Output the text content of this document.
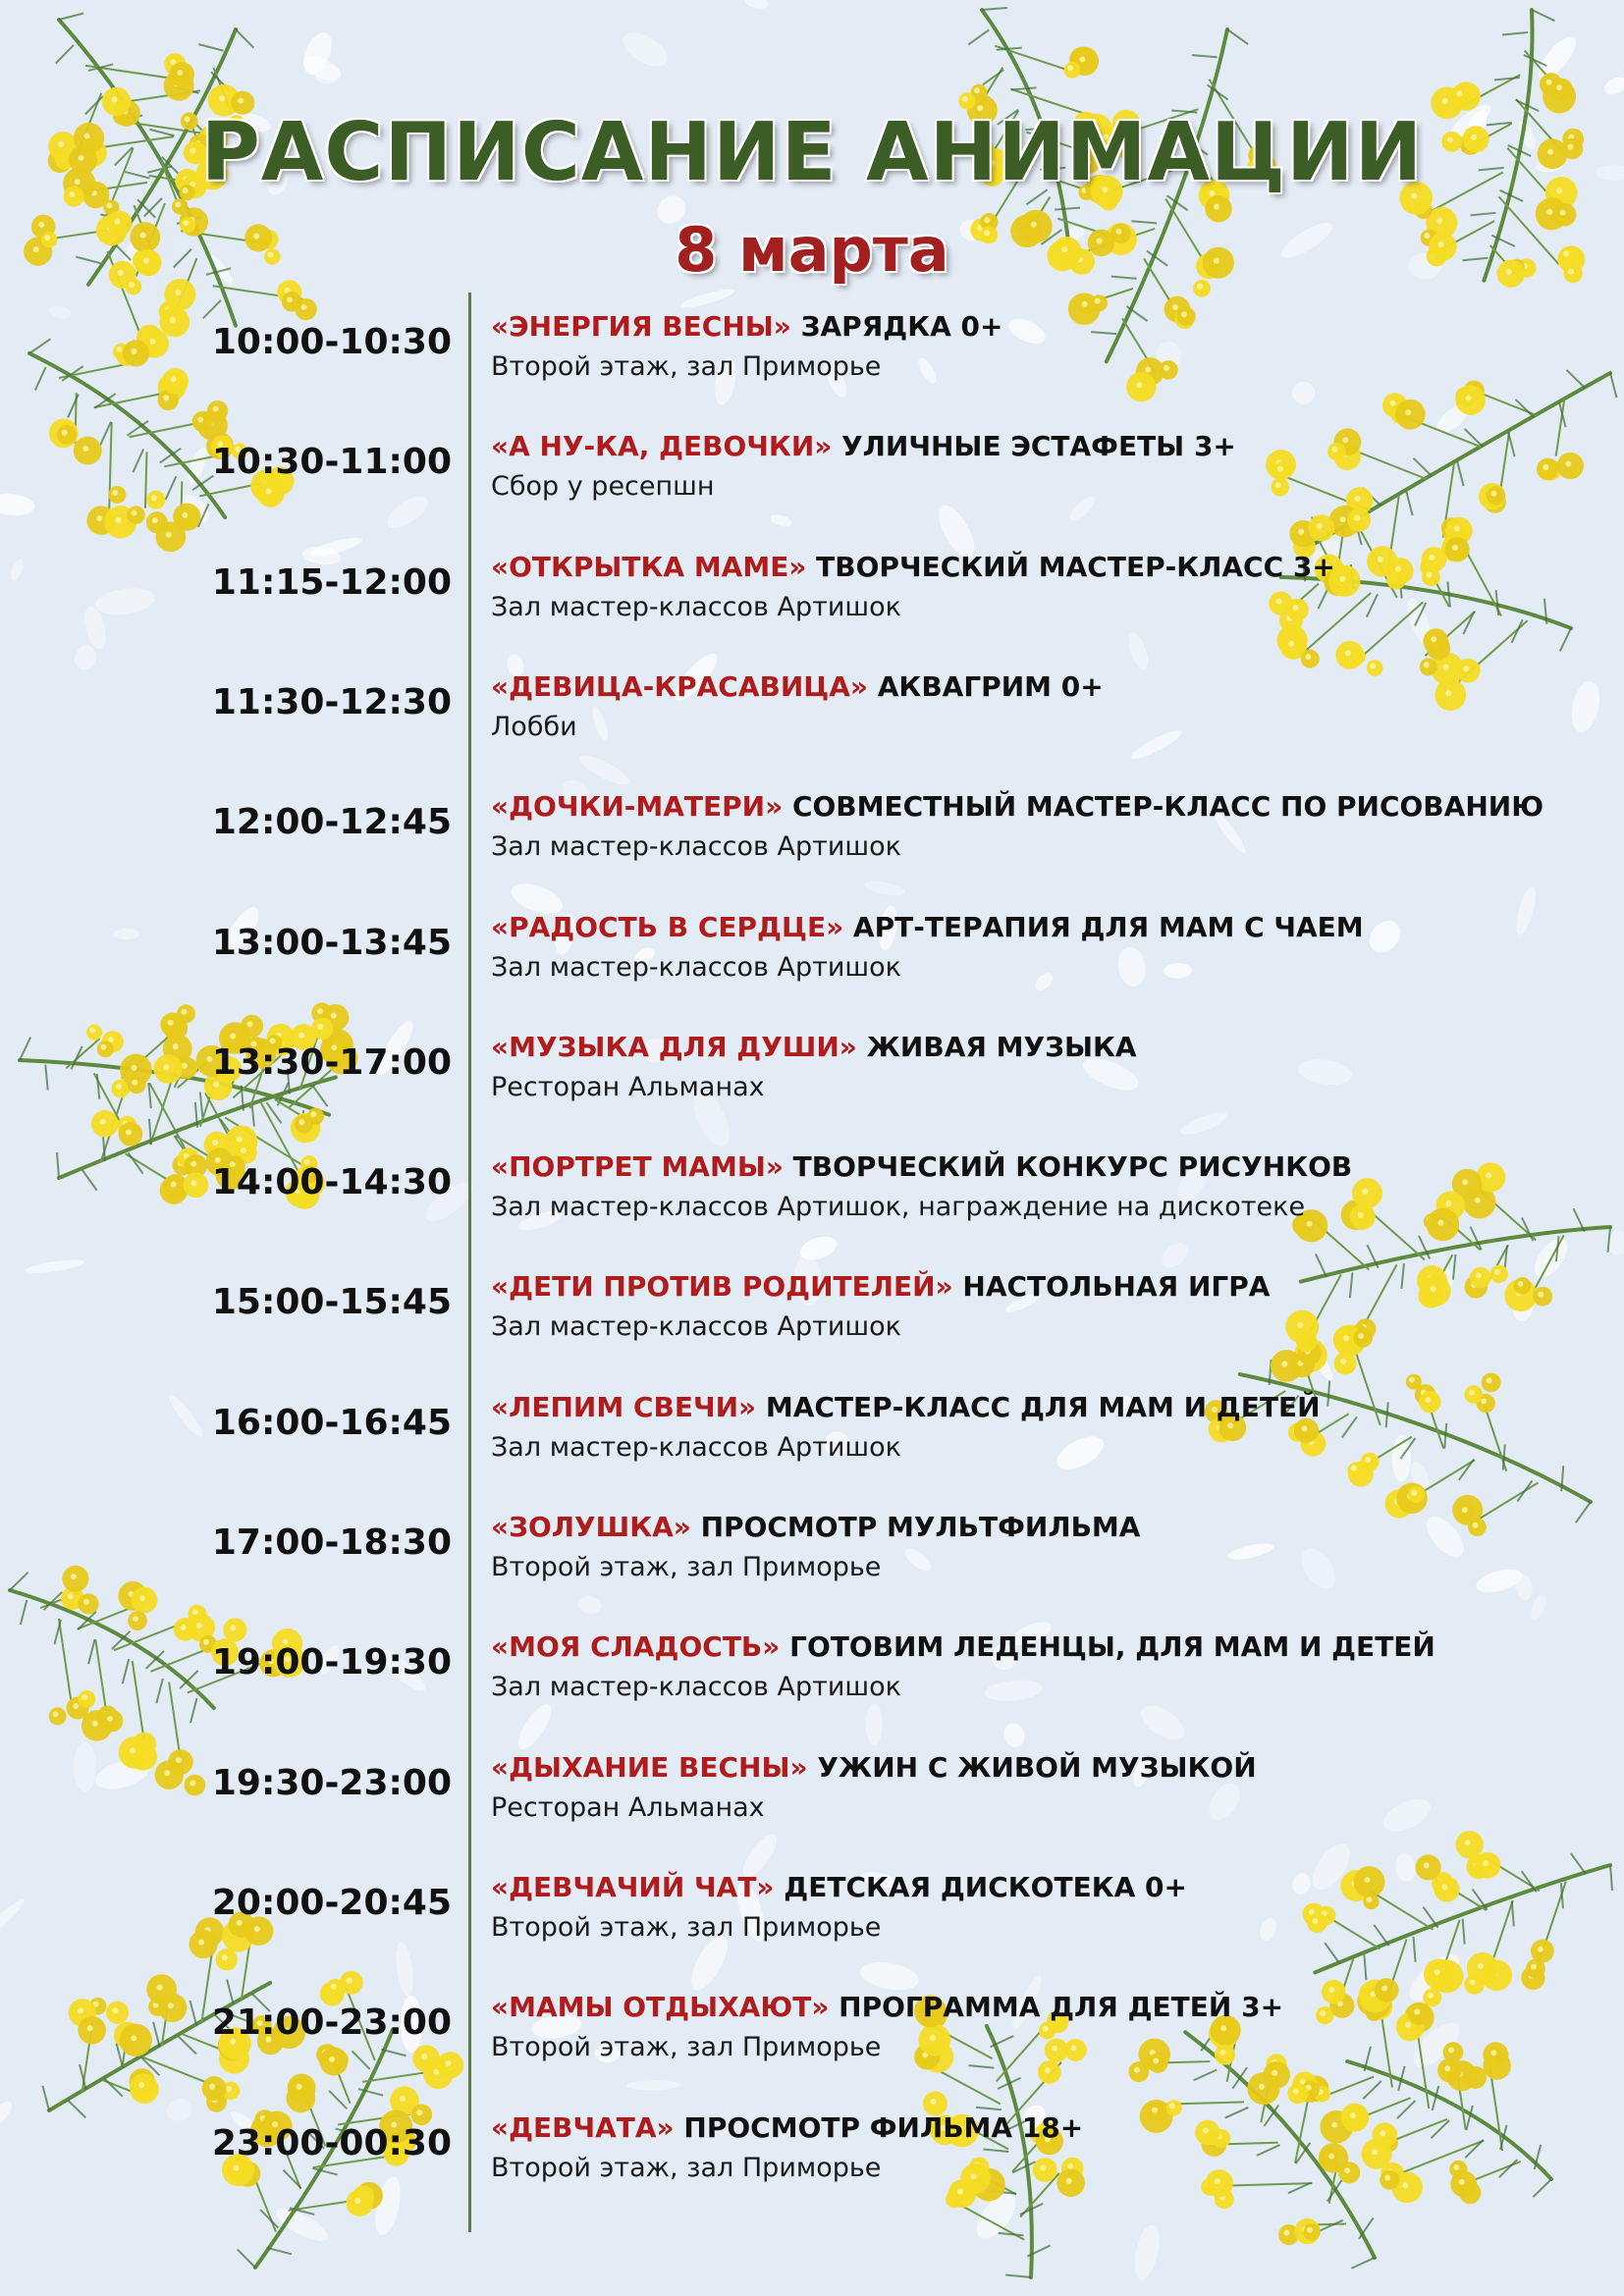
РАСПИСАНИЕ АНИМАЦИИ
8 марта
10:00-10:30 «ЭНЕРГИЯ ВЕСНЫ» ЗАРЯДКА 0+
Второй этаж, зал Приморье
10:30-11:00 «А НУ-КА, ДЕВОЧКИ» УЛИЧНЫЕ ЭСТАФЕТЫ 3+
Сбор у ресепшн
11:15-12:00 «ОТКРЫТКА МАМЕ» ТВОРЧЕСКИЙ МАСТЕР-КЛАСС 3+
Зал мастер-классов Артишок
11:30-12:30 «ДЕВИЦА-КРАСАВИЦА» АКВАГРИМ 0+
Лобби
12:00-12:45 «ДОЧКИ-МАТЕРИ» СОВМЕСТНЫЙ МАСТЕР-КЛАСС ПО РИСОВАНИЮ
Зал мастер-классов Артишок
13:00-13:45 «РАДОСТЬ В СЕРДЦЕ» АРТ-ТЕРАПИЯ ДЛЯ МАМ С ЧАЕМ
Зал мастер-классов Артишок
13:30-17:00 «МУЗЫКА ДЛЯ ДУШИ» ЖИВАЯ МУЗЫКА
Ресторан Альманах
14:00-14:30 «ПОРТРЕТ МАМЫ» ТВОРЧЕСКИЙ КОНКУРС РИСУНКОВ
Зал мастер-классов Артишок, награждение на дискотеке
15:00-15:45 «ДЕТИ ПРОТИВ РОДИТЕЛЕЙ» НАСТОЛЬНАЯ ИГРА
Зал мастер-классов Артишок
16:00-16:45 «ЛЕПИМ СВЕЧИ» МАСТЕР-КЛАСС ДЛЯ МАМ И ДЕТЕЙ
Зал мастер-классов Артишок
17:00-18:30 «ЗОЛУШКА» ПРОСМОТР МУЛЬТФИЛЬМА
Второй этаж, зал Приморье
19:00-19:30 «МОЯ СЛАДОСТЬ» ГОТОВИМ ЛЕДЕНЦЫ, ДЛЯ МАМ И ДЕТЕЙ
Зал мастер-классов Артишок
19:30-23:00 «ДЫХАНИЕ ВЕСНЫ» УЖИН С ЖИВОЙ МУЗЫКОЙ
Ресторан Альманах
20:00-20:45 «ДЕВЧАЧИЙ ЧАТ» ДЕТСКАЯ ДИСКОТЕКА 0+
Второй этаж, зал Приморье
21:00-23:00 «МАМЫ ОТДЫХАЮТ» ПРОГРАММА ДЛЯ ДЕТЕЙ 3+
Второй этаж, зал Приморье
23:00-00:30 «ДЕВЧАТА» ПРОСМОТР ФИЛЬМА 18+
Второй этаж, зал Приморье
